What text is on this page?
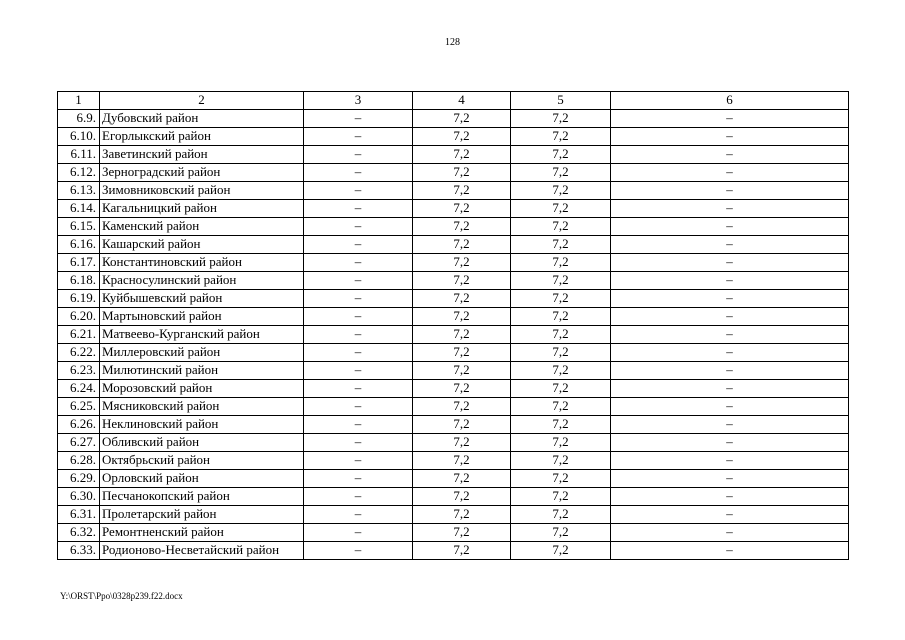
128
1	2	3	4	5	6
6.9.	Дубовский район	–	7,2	7,2	–
6.10.	Егорлыкский район	–	7,2	7,2	–
6.11.	Заветинский район	–	7,2	7,2	–
6.12.	Зерноградский район	–	7,2	7,2	–
6.13.	Зимовниковский район	–	7,2	7,2	–
6.14.	Кагальницкий район	–	7,2	7,2	–
6.15.	Каменский район	–	7,2	7,2	–
6.16.	Кашарский район	–	7,2	7,2	–
6.17.	Константиновский район	–	7,2	7,2	–
6.18.	Красносулинский район	–	7,2	7,2	–
6.19.	Куйбышевский район	–	7,2	7,2	–
6.20.	Мартыновский район	–	7,2	7,2	–
6.21.	Матвеево-Курганский район	–	7,2	7,2	–
6.22.	Миллеровский район	–	7,2	7,2	–
6.23.	Милютинский район	–	7,2	7,2	–
6.24.	Морозовский район	–	7,2	7,2	–
6.25.	Мясниковский район	–	7,2	7,2	–
6.26.	Неклиновский район	–	7,2	7,2	–
6.27.	Обливский район	–	7,2	7,2	–
6.28.	Октябрьский район	–	7,2	7,2	–
6.29.	Орловский район	–	7,2	7,2	–
6.30.	Песчанокопский район	–	7,2	7,2	–
6.31.	Пролетарский район	–	7,2	7,2	–
6.32.	Ремонтненский район	–	7,2	7,2	–
6.33.	Родионово-Несветайский район	–	7,2	7,2	–
Y:\ORST\Ppo\0328p239.f22.docx
